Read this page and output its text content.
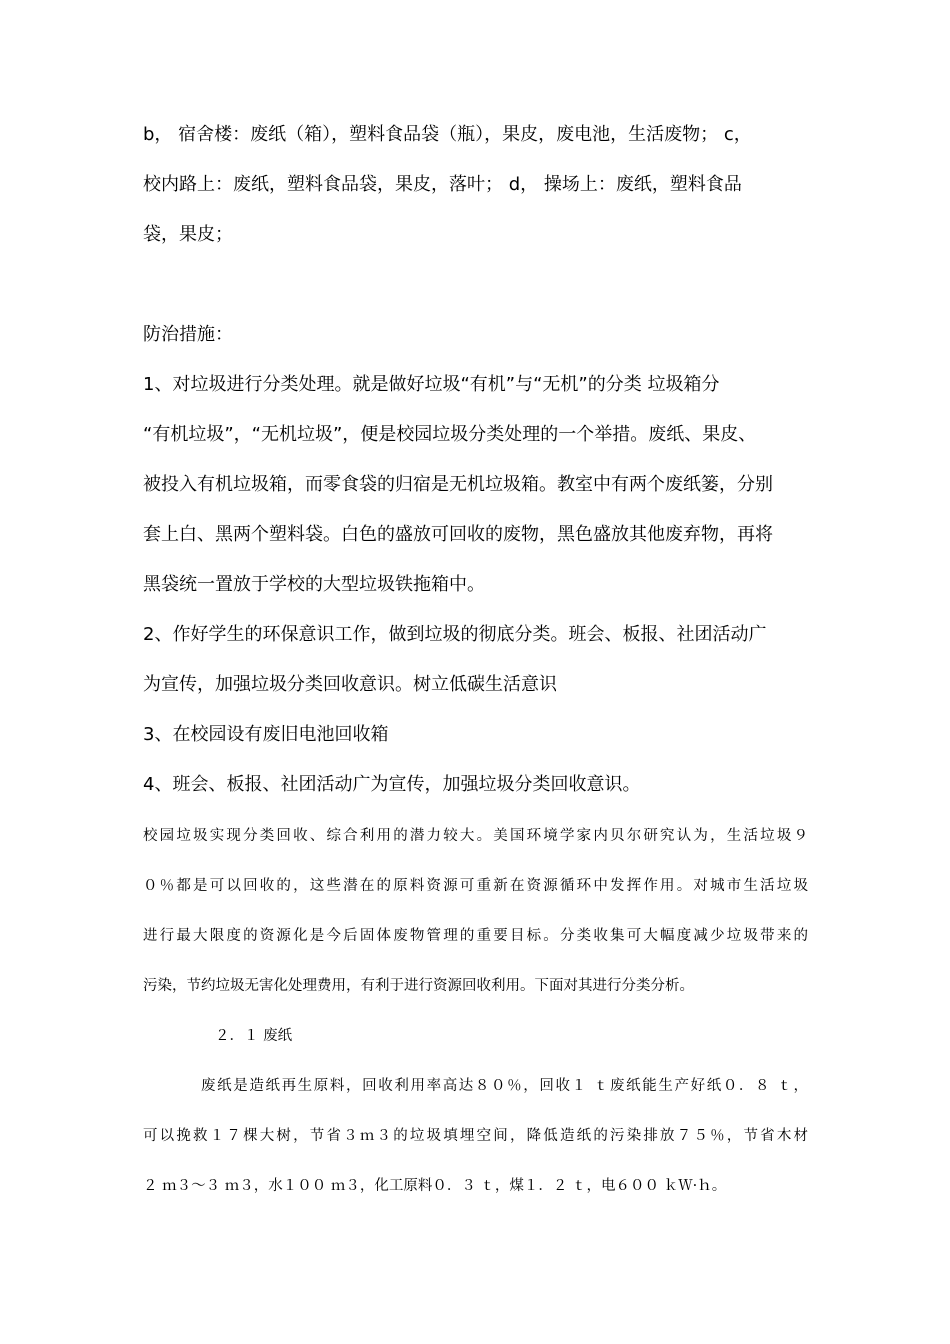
b， 宿舍楼：废纸（箱），塑料食品袋（瓶），果皮，废电池，生活废物； c，
校内路上：废纸，塑料食品袋，果皮，落叶； d， 操场上：废纸，塑料食品
袋，果皮；
防治措施：
1、对垃圾进行分类处理。就是做好垃圾“有机”与“无机”的分类 垃圾箱分
“有机垃圾”，“无机垃圾”，便是校园垃圾分类处理的一个举措。废纸、果皮、
被投入有机垃圾箱，而零食袋的归宿是无机垃圾箱。教室中有两个废纸篓，分别
套上白、黑两个塑料袋。白色的盛放可回收的废物，黑色盛放其他废弃物，再将
黑袋统一置放于学校的大型垃圾铁拖箱中。
2、作好学生的环保意识工作，做到垃圾的彻底分类。班会、板报、社团活动广
为宣传，加强垃圾分类回收意识。树立低碳生活意识
3、在校园设有废旧电池回收箱
4、班会、板报、社团活动广为宣传，加强垃圾分类回收意识。
校园垃圾实现分类回收、综合利用的潜力较大。美国环境学家内贝尔研究认为，生活垃圾９
０％都是可以回收的，这些潜在的原料资源可重新在资源循环中发挥作用。对城市生活垃圾
进行最大限度的资源化是今后固体废物管理的重要目标。分类收集可大幅度减少垃圾带来的
污染，节约垃圾无害化处理费用，有利于进行资源回收利用。下面对其进行分类分析。
２．１ 废纸
废纸是造纸再生原料，回收利用率高达８０％，回收１ ｔ废纸能生产好纸０．８ ｔ，
可以挽救１７棵大树，节省３ｍ３的垃圾填埋空间，降低造纸的污染排放７５％，节省木材
２ ｍ３～３ ｍ３，水１００ ｍ３，化工原料０．３ ｔ，煤１．２ ｔ，电６００ ｋＷ·ｈ。
